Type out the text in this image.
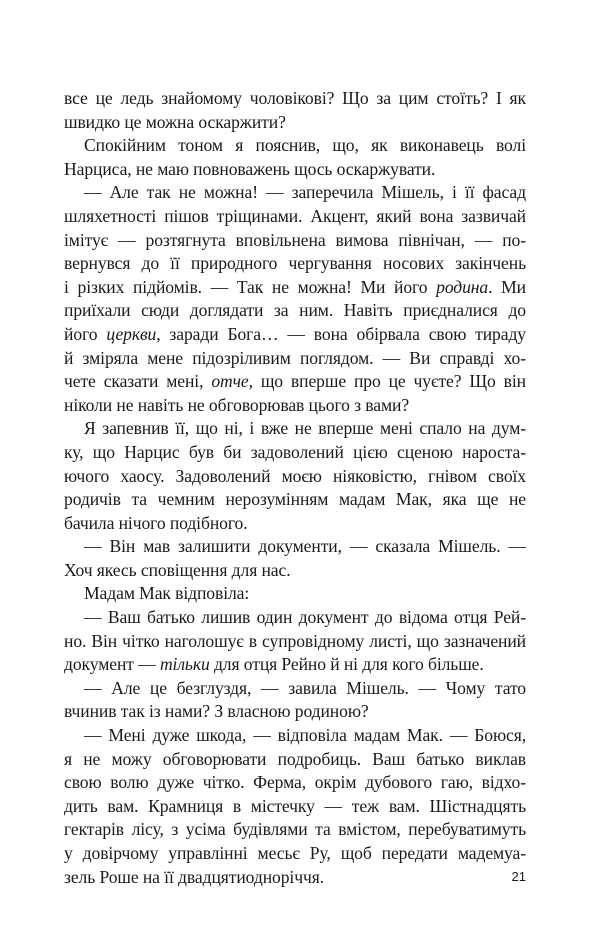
все це ледь знайомому чоловікові? Що за цим стоїть? І як
швидко це можна оскаржити?
Спокійним тоном я пояснив, що, як виконавець волі
Нарциса, не маю повноважень щось оскаржувати.
— Але так не можна! — заперечила Мішель, і її фасад
шляхетності пішов тріщинами. Акцент, який вона зазвичай
імітує — розтягнута вповільнена вимова північан, — по-
вернувся до її природного чергування носових закінчень
і різких підйомів. — Так не можна! Ми його родина. Ми
приїхали сюди доглядати за ним. Навіть приєдналися до
його церкви, заради Бога… — вона обірвала свою тираду
й зміряла мене підозріливим поглядом. — Ви справді хо-
чете сказати мені, отче, що вперше про це чуєте? Що він
ніколи не навіть не обговорював цього з вами?
Я запевнив її, що ні, і вже не вперше мені спало на дум-
ку, що Нарцис був би задоволений цією сценою нароста-
ючого хаосу. Задоволений моєю ніяковістю, гнівом своїх
родичів та чемним нерозумінням мадам Мак, яка ще не
бачила нічого подібного.
— Він мав залишити документи, — сказала Мішель. —
Хоч якесь сповіщення для нас.
Мадам Мак відповіла:
— Ваш батько лишив один документ до відома отця Рей-
но. Він чітко наголошує в супровідному листі, що зазначений
документ — тільки для отця Рейно й ні для кого більше.
— Але це безглуздя, — завила Мішель. — Чому тато
вчинив так із нами? З власною родиною?
— Мені дуже шкода, — відповіла мадам Мак. — Боюся,
я не можу обговорювати подробиць. Ваш батько виклав
свою волю дуже чітко. Ферма, окрім дубового гаю, відхо-
дить вам. Крамниця в містечку — теж вам. Шістнадцять
гектарів лісу, з усіма будівлями та вмістом, перебуватимуть
у довірчому управлінні месьє Ру, щоб передати мадемуа-
зель Роше на її двадцятиодноріччя.	21
